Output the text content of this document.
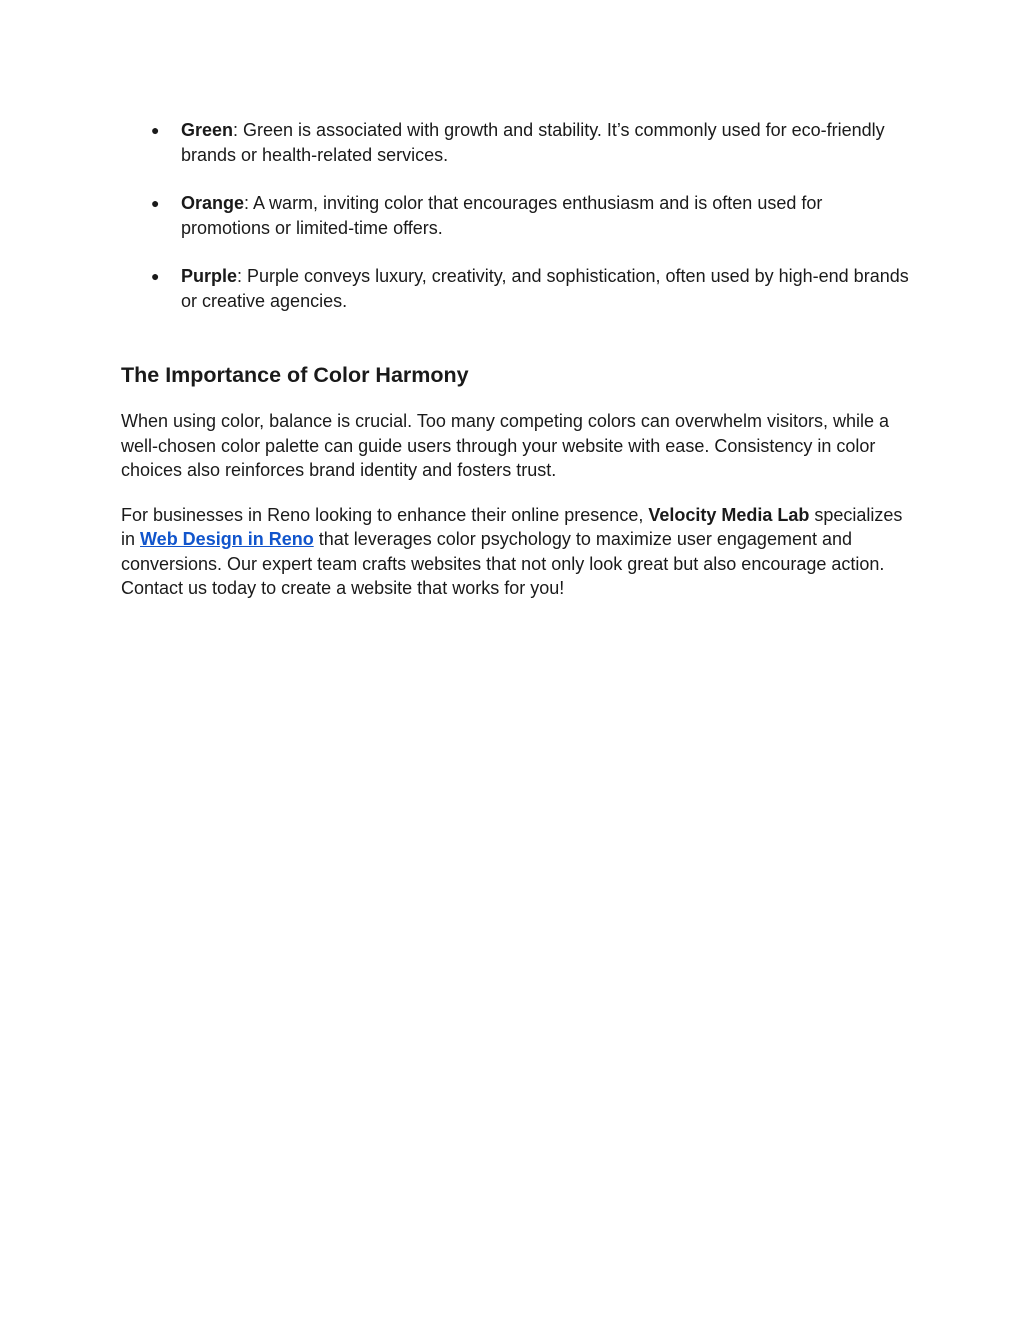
● Green: Green is associated with growth and stability. It’s commonly used for eco-friendly brands or health-related services.
● Orange: A warm, inviting color that encourages enthusiasm and is often used for promotions or limited-time offers.
● Purple: Purple conveys luxury, creativity, and sophistication, often used by high-end brands or creative agencies.
The Importance of Color Harmony

When using color, balance is crucial. Too many competing colors can overwhelm visitors, while a well-chosen color palette can guide users through your website with ease. Consistency in color choices also reinforces brand identity and fosters trust.

For businesses in Reno looking to enhance their online presence, Velocity Media Lab specializes in Web Design in Reno that leverages color psychology to maximize user engagement and conversions. Our expert team crafts websites that not only look great but also encourage action. Contact us today to create a website that works for you!
